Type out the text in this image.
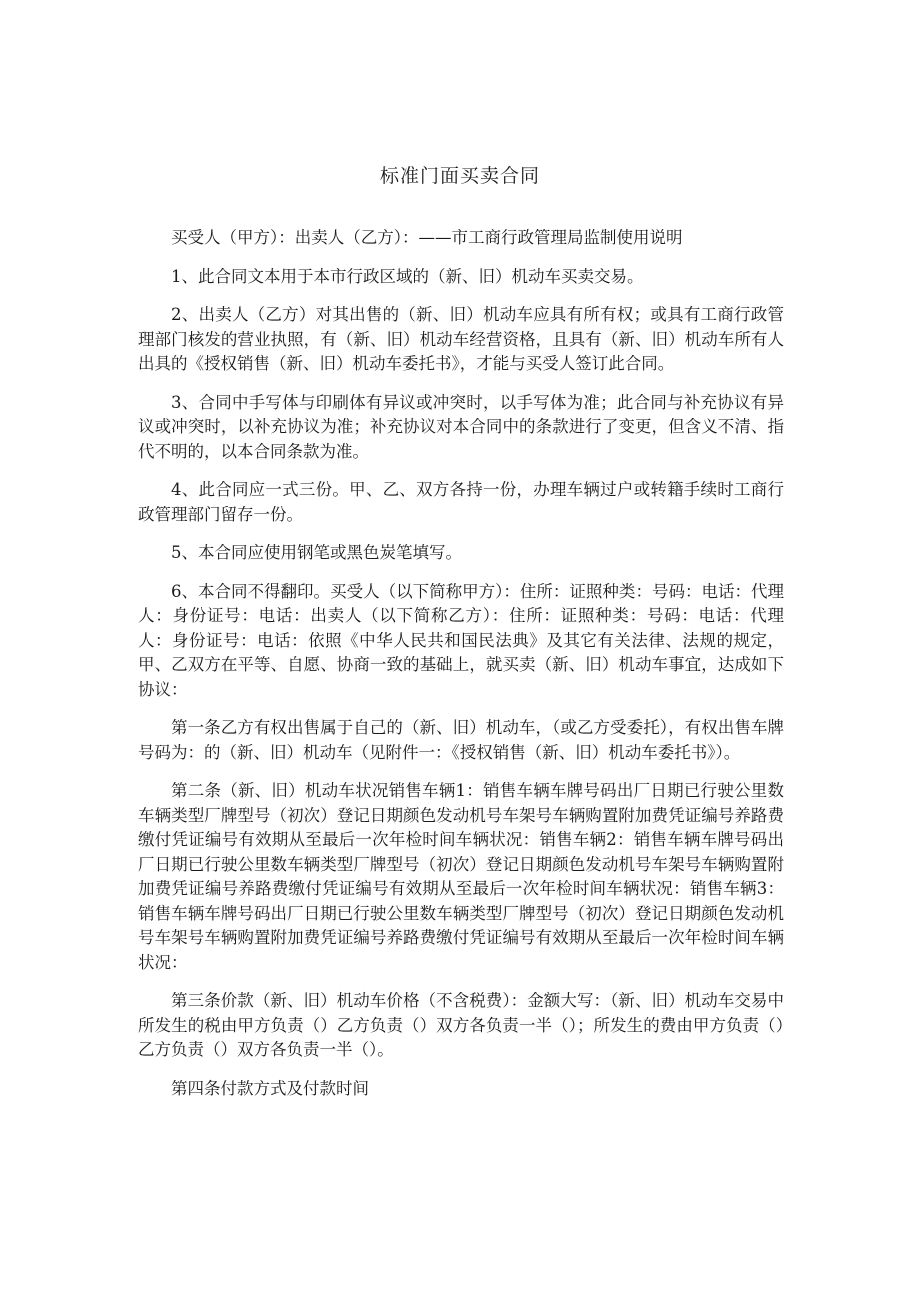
标准门面买卖合同

买受人（甲方）：出卖人（乙方）：——市工商行政管理局监制使用说明

1、此合同文本用于本市行政区域的（新、旧）机动车买卖交易。

2、出卖人（乙方）对其出售的（新、旧）机动车应具有所有权；或具有工商行政管理部门核发的营业执照，有（新、旧）机动车经营资格，且具有（新、旧）机动车所有人出具的《授权销售（新、旧）机动车委托书》，才能与买受人签订此合同。

3、合同中手写体与印刷体有异议或冲突时，以手写体为准；此合同与补充协议有异议或冲突时，以补充协议为准；补充协议对本合同中的条款进行了变更，但含义不清、指代不明的，以本合同条款为准。

4、此合同应一式三份。甲、乙、双方各持一份，办理车辆过户或转籍手续时工商行政管理部门留存一份。

5、本合同应使用钢笔或黑色炭笔填写。

6、本合同不得翻印。买受人（以下简称甲方）：住所：证照种类：号码：电话：代理人：身份证号：电话：出卖人（以下简称乙方）：住所：证照种类：号码：电话：代理人：身份证号：电话：依照《中华人民共和国民法典》及其它有关法律、法规的规定，甲、乙双方在平等、自愿、协商一致的基础上，就买卖（新、旧）机动车事宜，达成如下协议：

第一条乙方有权出售属于自己的（新、旧）机动车，（或乙方受委托），有权出售车牌号码为：的（新、旧）机动车（见附件一：《授权销售（新、旧）机动车委托书》）。

第二条（新、旧）机动车状况销售车辆1：销售车辆车牌号码出厂日期已行驶公里数车辆类型厂牌型号（初次）登记日期颜色发动机号车架号车辆购置附加费凭证编号养路费缴付凭证编号有效期从至最后一次年检时间车辆状况：销售车辆2：销售车辆车牌号码出厂日期已行驶公里数车辆类型厂牌型号（初次）登记日期颜色发动机号车架号车辆购置附加费凭证编号养路费缴付凭证编号有效期从至最后一次年检时间车辆状况：销售车辆3：销售车辆车牌号码出厂日期已行驶公里数车辆类型厂牌型号（初次）登记日期颜色发动机号车架号车辆购置附加费凭证编号养路费缴付凭证编号有效期从至最后一次年检时间车辆状况：

第三条价款（新、旧）机动车价格（不含税费）：金额大写：（新、旧）机动车交易中所发生的税由甲方负责（）乙方负责（）双方各负责一半（）；所发生的费由甲方负责（）乙方负责（）双方各负责一半（）。

第四条付款方式及付款时间
